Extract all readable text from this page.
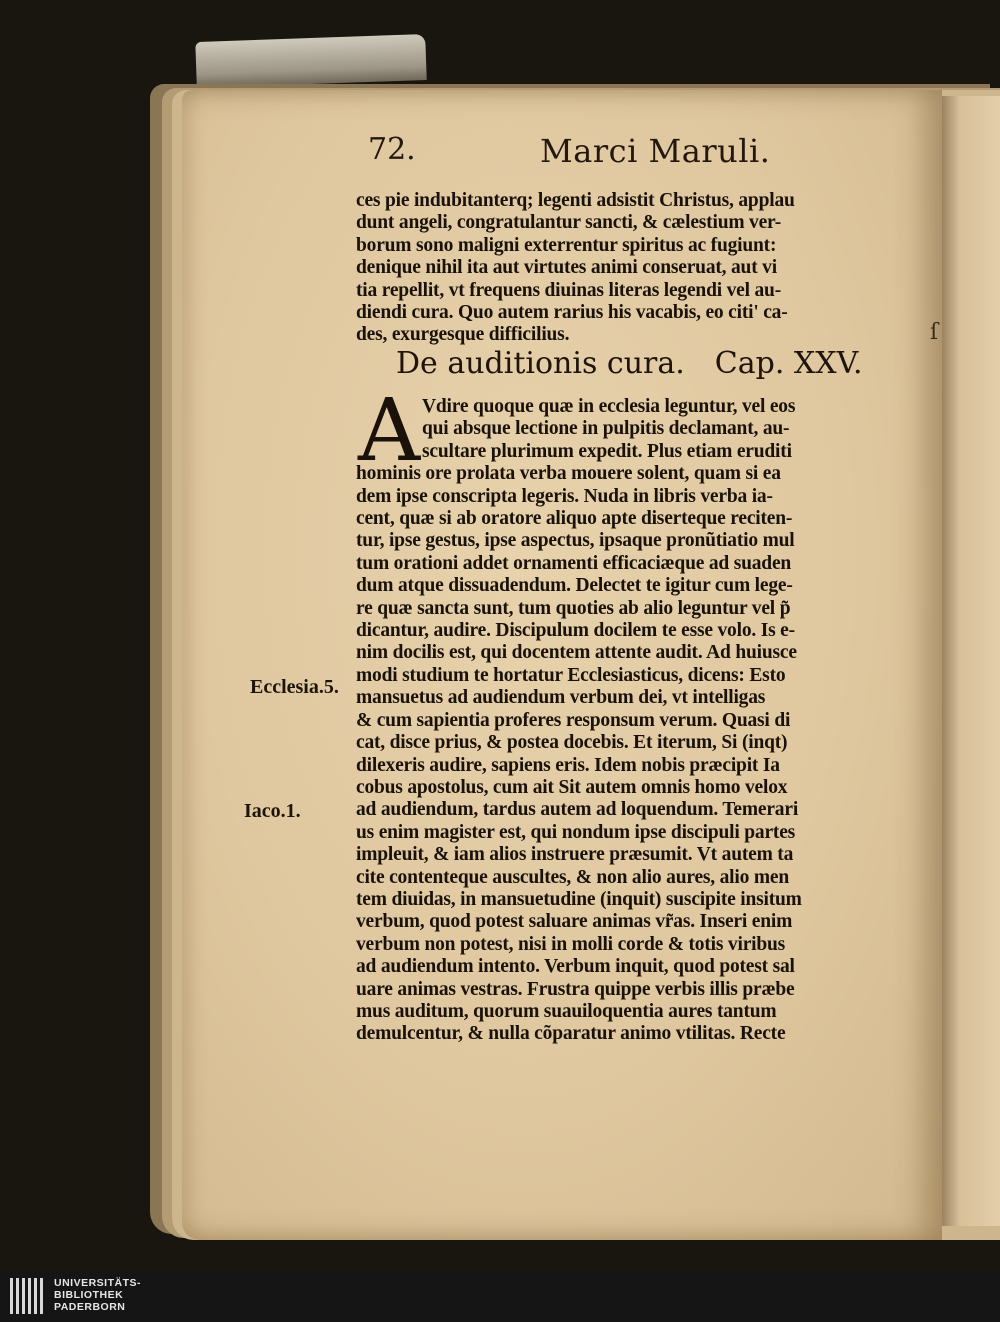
ſ
72.	Marci Maruli.
ces pie indubitanterq; legenti adsistit Christus, applau
dunt angeli, congratulantur sancti, & cælestium ver-
borum sono maligni exterrentur spiritus ac fugiunt:
denique nihil ita aut virtutes animi conseruat, aut vi
tia repellit, vt frequens diuinas literas legendi vel au-
diendi cura. Quo autem rarius his vacabis, eo citi' ca-
des, exurgesque difficilius.
De auditionis cura. Cap. XXV.
A Vdire quoque quæ in ecclesia leguntur, vel eos
qui absque lectione in pulpitis declamant, au-
scultare plurimum expedit. Plus etiam eruditi
hominis ore prolata verba mouere solent, quam si ea
dem ipse conscripta legeris. Nuda in libris verba ia-
cent, quæ si ab oratore aliquo apte diserteque reciten-
tur, ipse gestus, ipse aspectus, ipsaque pronũtiatio mul
tum orationi addet ornamenti efficaciæque ad suaden
dum atque dissuadendum. Delectet te igitur cum lege-
re quæ sancta sunt, tum quoties ab alio leguntur vel p̃
dicantur, audire. Discipulum docilem te esse volo. Is e-
nim docilis est, qui docentem attente audit. Ad huiusce
modi studium te hortatur Ecclesiasticus, dicens: Esto
mansuetus ad audiendum verbum dei, vt intelligas
& cum sapientia proferes responsum verum. Quasi di
cat, disce prius, & postea docebis. Et iterum, Si (inqt)
dilexeris audire, sapiens eris. Idem nobis præcipit Ia
cobus apostolus, cum ait Sit autem omnis homo velox
ad audiendum, tardus autem ad loquendum. Temerari
us enim magister est, qui nondum ipse discipuli partes
impleuit, & iam alios instruere præsumit. Vt autem ta
cite contenteque auscultes, & non alio aures, alio men
tem diuidas, in mansuetudine (inquit) suscipite insitum
verbum, quod potest saluare animas vr̃as. Inseri enim
verbum non potest, nisi in molli corde & totis viribus
ad audiendum intento. Verbum inquit, quod potest sal
uare animas vestras. Frustra quippe verbis illis præbe
mus auditum, quorum suauiloquentia aures tantum
demulcentur, & nulla cõparatur animo vtilitas. Recte
Ecclesia.5.
Iaco.1.
UNIVERSITÄTS-
BIBLIOTHEK
PADERBORN
